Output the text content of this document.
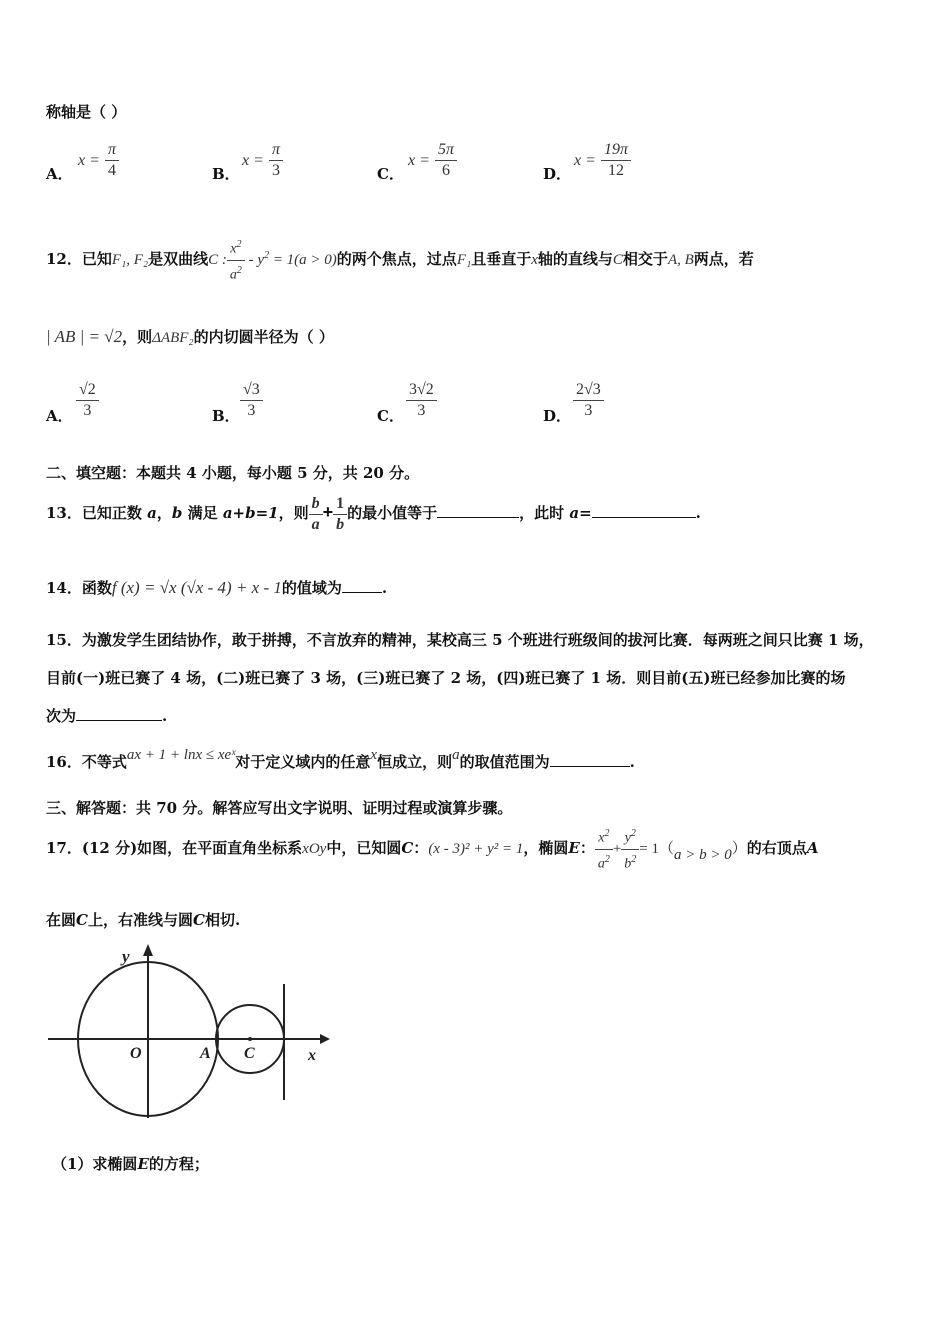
称轴是（ ）
A．
$x = \frac{\pi}{4}$	B．
$x = \frac{\pi}{3}$	C．
$x = \frac{5\pi}{6}$	D．
$x = \frac{19\pi}{12}$
12．已知F₁, F₂是双曲线C : $\frac{x^2}{a^2} - y^2 = 1(a > 0)$的两个焦点，过点F₁且垂直于x轴的直线与C相交于A, B两点，若
| AB | = √2，则ΔABF₂的内切圆半径为（ ）
A． $\frac{√2}{3}$	B． $\frac{√3}{3}$	C． $\frac{3√2}{3}$	D． $\frac{2√3}{3}$
二、填空题：本题共 4 小题，每小题 5 分，共 20 分。
13．已知正数 a，b 满足 a+b=1，则 $\frac{b}{a} + \frac{1}{b}$ 的最小值等于	，此时 a=	.
14．函数f (x) = √x (√x - 4) + x - 1的值域为	.
15．为激发学生团结协作，敢于拼搏，不言放弃的精神，某校高三 5 个班进行班级间的拔河比赛．每两班之间只比赛 1 场，
目前(一)班已赛了 4 场，(二)班已赛了 3 场，(三)班已赛了 2 场，(四)班已赛了 1 场．则目前(五)班已经参加比赛的场
次为	.
16．不等式ax + 1 + lnx ≤ xeˣ对于定义域内的任意x恒成立，则a的取值范围为	.
三、解答题：共 70 分。解答应写出文字说明、证明过程或演算步骤。
17．(12 分)如图，在平面直角坐标系xOy中，已知圆C：(x - 3)² + y² = 1，椭圆E： $\frac{x^2}{a^2} + \frac{y^2}{b^2} = 1(a > b > 0)$的右顶点A
在圆C上，右准线与圆C相切.
y
O	A C	x
（1）求椭圆E的方程；
